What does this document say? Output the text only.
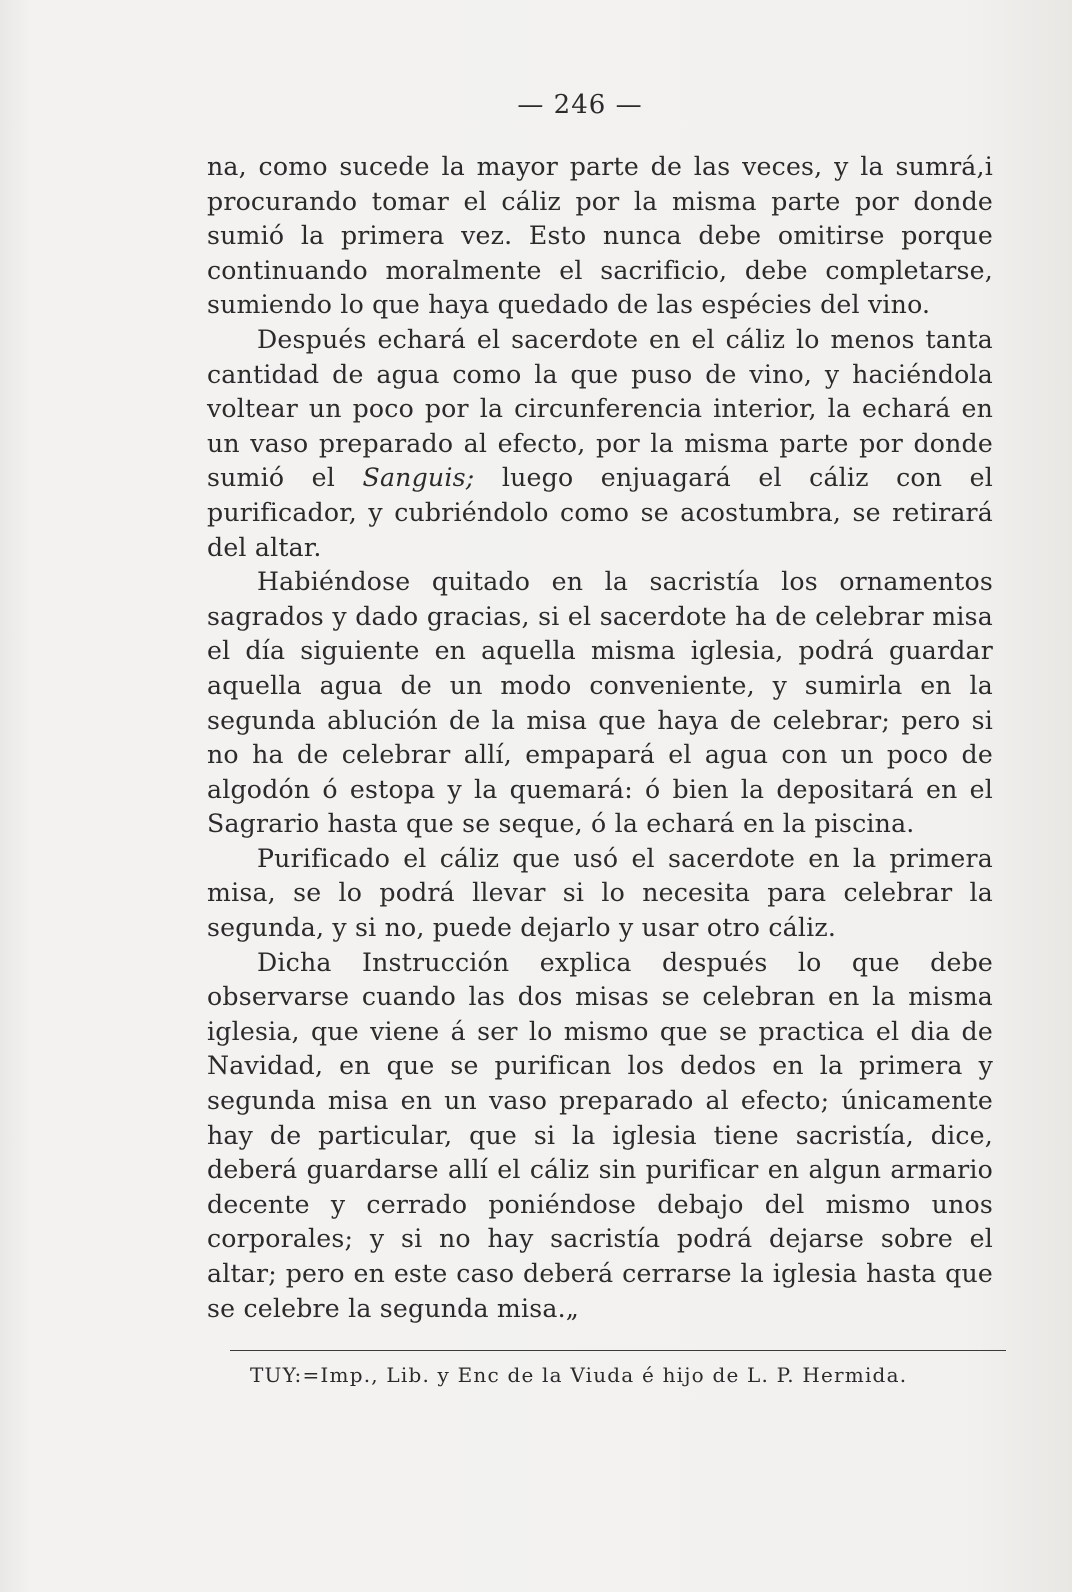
— 246 —

na, como sucede la mayor parte de las veces, y la sumrá,i procurando tomar el cáliz por la misma parte por donde sumió la primera vez. Esto nunca debe omitirse porque continuando moralmente el sacrificio, debe completarse, sumiendo lo que haya quedado de las espécies del vino.

Después echará el sacerdote en el cáliz lo menos tanta cantidad de agua como la que puso de vino, y haciéndola voltear un poco por la circunferencia interior, la echará en un vaso preparado al efecto, por la misma parte por donde sumió el Sanguis; luego enjuagará el cáliz con el purificador, y cubriéndolo como se acostumbra, se retirará del altar.

Habiéndose quitado en la sacristía los ornamentos sagrados y dado gracias, si el sacerdote ha de celebrar misa el día siguiente en aquella misma iglesia, podrá guardar aquella agua de un modo conveniente, y sumirla en la segunda ablución de la misa que haya de celebrar; pero si no ha de celebrar allí, empapará el agua con un poco de algodón ó estopa y la quemará: ó bien la depositará en el Sagrario hasta que se seque, ó la echará en la piscina.

Purificado el cáliz que usó el sacerdote en la primera misa, se lo podrá llevar si lo necesita para celebrar la segunda, y si no, puede dejarlo y usar otro cáliz.

Dicha Instrucción explica después lo que debe observarse cuando las dos misas se celebran en la misma iglesia, que viene á ser lo mismo que se practica el dia de Navidad, en que se purifican los dedos en la primera y segunda misa en un vaso preparado al efecto; únicamente hay de particular, que si la iglesia tiene sacristía, dice, deberá guardarse allí el cáliz sin purificar en algun armario decente y cerrado poniéndose debajo del mismo unos corporales; y si no hay sacristía podrá dejarse sobre el altar; pero en este caso deberá cerrarse la iglesia hasta que se celebre la segunda misa.„

TUY:=Imp., Lib. y Enc de la Viuda é hijo de L. P. Hermida.
